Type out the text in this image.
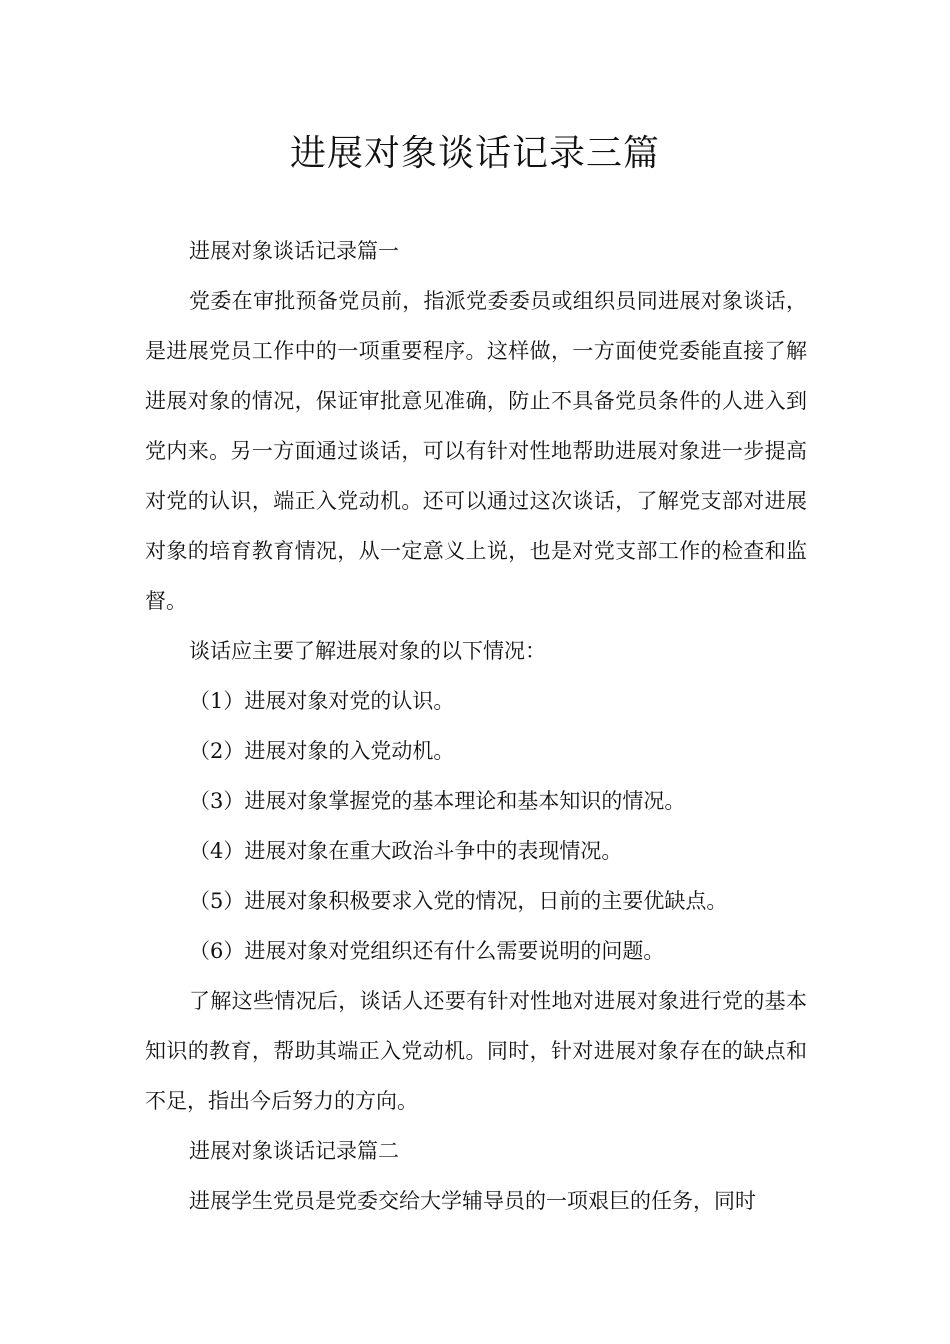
进展对象谈话记录三篇

进展对象谈话记录篇一

党委在审批预备党员前，指派党委委员或组织员同进展对象谈话，是进展党员工作中的一项重要程序。这样做，一方面使党委能直接了解进展对象的情况，保证审批意见准确，防止不具备党员条件的人进入到党内来。另一方面通过谈话，可以有针对性地帮助进展对象进一步提高对党的认识，端正入党动机。还可以通过这次谈话，了解党支部对进展对象的培育教育情况，从一定意义上说，也是对党支部工作的检查和监督。

谈话应主要了解进展对象的以下情况：

（1）进展对象对党的认识。

（2）进展对象的入党动机。

（3）进展对象掌握党的基本理论和基本知识的情况。

（4）进展对象在重大政治斗争中的表现情况。

（5）进展对象积极要求入党的情况，日前的主要优缺点。

（6）进展对象对党组织还有什么需要说明的问题。

了解这些情况后，谈话人还要有针对性地对进展对象进行党的基本知识的教育，帮助其端正入党动机。同时，针对进展对象存在的缺点和不足，指出今后努力的方向。

进展对象谈话记录篇二

进展学生党员是党委交给大学辅导员的一项艰巨的任务，同时
